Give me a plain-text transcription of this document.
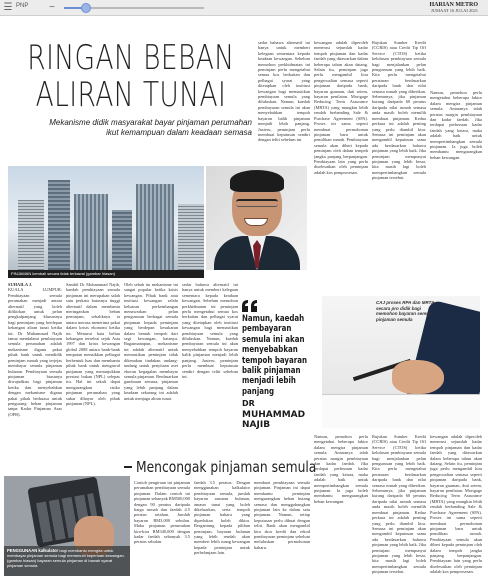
☰ PNP	−	HARIAN METRO
JUMAAT 16 JULAI 2021
RINGAN BEBAN
ALIRAN TUNAI
Mekanisme didik masyarakat bayar pinjaman perumahan ikut kemampuan dalam keadaan semasa
sedar bahawa alternatif ini hanya untuk memberi kelegaan sementara kepada keadaan kewangan. Sebelum memohon perkhidmatan ini peminjam perlu mengetahui semua kos berkaitan dan pelbagai syarat yang ditetapkan oleh institusi kewangan bagi memastikan pembiayaan semula yang diluluskan. Namun, kaedah pembayaran semula ini akan menyebabkan tempoh bayaran balik pinjaman menjadi lebih panjang. Justeru, peminjam perlu membuat keputusan sendiri dengan teliti sebelum ini.
kewangan adalah diperoleh menerusi sejumlah kadar tempoh pinjaman dan kadar faedah yang ditawarkan dalam beberapa tahun akan datang. Selain itu, peminjam juga perlu mengambil kira pengecualian semasa seperti pinjaman daripada bank, bayaran guaman, duti setem, bayaran penilaian. Mortgage Reducing Term Assurance (MRTA) yang mungkin lebih rendah berbanding Sale & Purchase Agreement (SPA). Proses ini sama seperti membuat permohonan pinjaman baru untuk pemilikan rumah. Pembiayaan semula akan diberi kepada peminjam oleh dalam tempoh jangka panjang berpanjangan. Pembiayaan lain yang perlu diselesaikan oleh peminjam adalah kos pemprosesan.
Rujukan Sumber Kredit (CCRIS) atau Credit Tip Off Service (CTOS) ketika kelulusan pembiayaan semula bagi menjalankan pelan pengurusan yang lebih baik. Kita perlu mengetahui peraturan berdasarkan daripada bank dan nilai semasa rumah yang diberikan. Sebenarnya, jika pinjaman kurang daripada 60 peratus daripada nilai rumah semasa anda masih boleh memilih membuat pinjaman. Kedua perkara ini adalah penting yang perlu diambil kira. Semasa ini peminjam akan mengambil keputusan sama ada berdasarkan bahawa pinjaman yang lebih baik. Jika peminjam mempunyai pinjaman yang lebih besar, kita masih lagi boleh mempertimbangkan semula pinjaman tersebut.
Namun, pemohon perlu mengetahui beberapa faktor dalam mengira pinjaman semula. Antaranya ialah peratus margin pembiayaan dan kadar faedah. Jika terdapat perbezaan kadar faedah yang ketara, maka adalah baik untuk mempertimbangkan semula pinjaman. Ia juga boleh membantu mengurangkan beban kewangan.
PINJAMAN kembali secara tidak terkawal (gambar hiasan)
SUHAILA J.
KUALA LUMPUR: Pembiayaan semula perumahan menjadi antara alternatif yang boleh difikirkan untuk pelan pengkalpanjang khususnya bagi peminjam yang berdepan kekangan aliran tunai ketika ini. Dr Muhammad Najib tamat mendalami pembiayaan semula perumahan adalah mekanisme diganu pakai pihak bank untuk mendidik peminjam rumah yang terjejas membayar semula pinjaman bulanan. Pembiayaan semula pinjaman biasanya diwujudkan bagi pinjaman ketika dan menyebabkan dengan mekanisme diganu pakai pihak berkuasa untuk pengurang beban pinjaman tanpa Kadar Pinjaman Asas (OPR).
Sambil Dr Muhammad Najib, kaedah pembiayaan semula pinjaman ini merupakan salah satu perkara batasnya tinggi alternatif dalam membantu meringankan beban peminjam, sebaliknya ia antara merasa menerima pakai dalam krisis ekonomi ketika ini. Menurut kata beliau kebangan tersebut sejak Asia 1997 dan krisis kewangan global 2008 antara bank-bank tempatan menaikkan pelbagai berbentuk luas dan membantu pihak bank untuk mengawal pinjaman yang menunjukkan prestasi bukan (NPL) selepas itu. Hal ini sekali dapat mengurangkan risiko pinjaman perumahan yang sukar dibayar oleh pihak pinjaman (NPL).
Oleh sebab itu mekanisme ini sangat popular ketika krisis kewangan. Pihak bank atau institusi kewangan selalu keluaran perkembangan menawarkan pelan pengurusan berbagai semula pinjaman kepada peminjam yang berdepan kesukaran dalam bentuk tempoh dari segi kewangan, katanya. Bagaimanapun, mekanisme ini adalah alternatif untuk memastikan peminjam tidak dikenakan tindakan undang-undang untuk penyitaan aset ekoran kegagalan membayar semula pinjaman. Berdasarkan gambaran semasa, pinjaman yang lebih panjang dalam keadaan sekarang ini adalah untuk menjaga aliran tunai.
sedar bahawa alternatif ini hanya untuk memberi kelegaan sementara kepada keadaan kewangan. Sebelum memohon perkhidmatan ini peminjam perlu mengetahui semua kos berkaitan dan pelbagai syarat yang ditetapkan oleh institusi kewangan bagi memastikan pembiayaan semula yang diluluskan. Namun, kaedah pembayaran semula ini akan menyebabkan tempoh bayaran balik pinjaman menjadi lebih panjang. Justeru, peminjam perlu membuat keputusan sendiri dengan teliti sebelum ini.
Namun, kaedah pembayaran semula ini akan menyebabkan tempoh bayaran balik pinjaman menjadi lebih panjang
DR
MUHAMMAD NAJIB
CAJ proses RPA dan MRTA secara pro didik bagi memohon bayaran semula pinjaman semula
Mencongak pinjaman semula
PENGGUNAAN kalkulator bagi membantu mengira untuk membayar pinjaman semula bagi memenuhi keperluan kewangan. (gambar hiasan) bayaran semula pinjaman di bawah syarat pinjaman semula.
Contoh pengiraan ini pinjaman perumahan pembiayaan semula pinjaman. Dalam contoh ini pinjaman sebanyak RM500,000 dengan 90 peratus daripada harga rumah dan faedah 4.5 peratus setahun. Jumlah bayaran RM3,000 sebulan. Maka pinjaman perumahan kira-kira RM340,000 dengan kadar faedah sebanyak 3.5 peratus sebulan.
faedah 3.5 peratus. Dengan menggunakan kalkulator pembiayaan semula, jumlah bayaran ansuran bulanan, amaun tunai yang boleh dikeluarkan, serta tempoh pinjaman baharu yang diperlukan boleh dikira. Bergantung kepada pilihan peminjam, bayaran bulanan yang lebih rendah akan memberi lebih ruang kewangan kepada peminjam untuk perbelanjaan lain.
membuat pembiayaan semula pinjaman. Pinjaman ini dapat membantu peminjam mengurangkan beban hutang semasa dan menggabungkan pinjaman lain ke dalam satu pinjaman. Namun, setiap keputusan perlu dibuat dengan teliti. Bank akan mengambil kira skor kredit dan rekod pembayaran peminjam sebelum meluluskan permohonan baharu.
Namun, pemohon perlu mengetahui beberapa faktor dalam mengira pinjaman semula. Antaranya ialah peratus margin pembiayaan dan kadar faedah. Jika terdapat perbezaan kadar faedah yang ketara, maka adalah baik untuk mempertimbangkan semula pinjaman. Ia juga boleh membantu mengurangkan beban kewangan.
Rujukan Sumber Kredit (CCRIS) atau Credit Tip Off Service (CTOS) ketika kelulusan pembiayaan semula bagi menjalankan pelan pengurusan yang lebih baik. Kita perlu mengetahui peraturan berdasarkan daripada bank dan nilai semasa rumah yang diberikan. Sebenarnya, jika pinjaman kurang daripada 60 peratus daripada nilai rumah semasa anda masih boleh memilih membuat pinjaman. Kedua perkara ini adalah penting yang perlu diambil kira. Semasa ini peminjam akan mengambil keputusan sama ada berdasarkan bahawa pinjaman yang lebih baik. Jika peminjam mempunyai pinjaman yang lebih besar, kita masih lagi boleh mempertimbangkan semula pinjaman tersebut.
kewangan adalah diperoleh menerusi sejumlah kadar tempoh pinjaman dan kadar faedah yang ditawarkan dalam beberapa tahun akan datang. Selain itu, peminjam juga perlu mengambil kira pengecualian semasa seperti pinjaman daripada bank, bayaran guaman, duti setem, bayaran penilaian. Mortgage Reducing Term Assurance (MRTA) yang mungkin lebih rendah berbanding Sale & Purchase Agreement (SPA). Proses ini sama seperti membuat permohonan pinjaman baru untuk pemilikan rumah. Pembiayaan semula akan diberi kepada peminjam oleh dalam tempoh jangka panjang berpanjangan. Pembiayaan lain yang perlu diselesaikan oleh peminjam adalah kos pemprosesan.
